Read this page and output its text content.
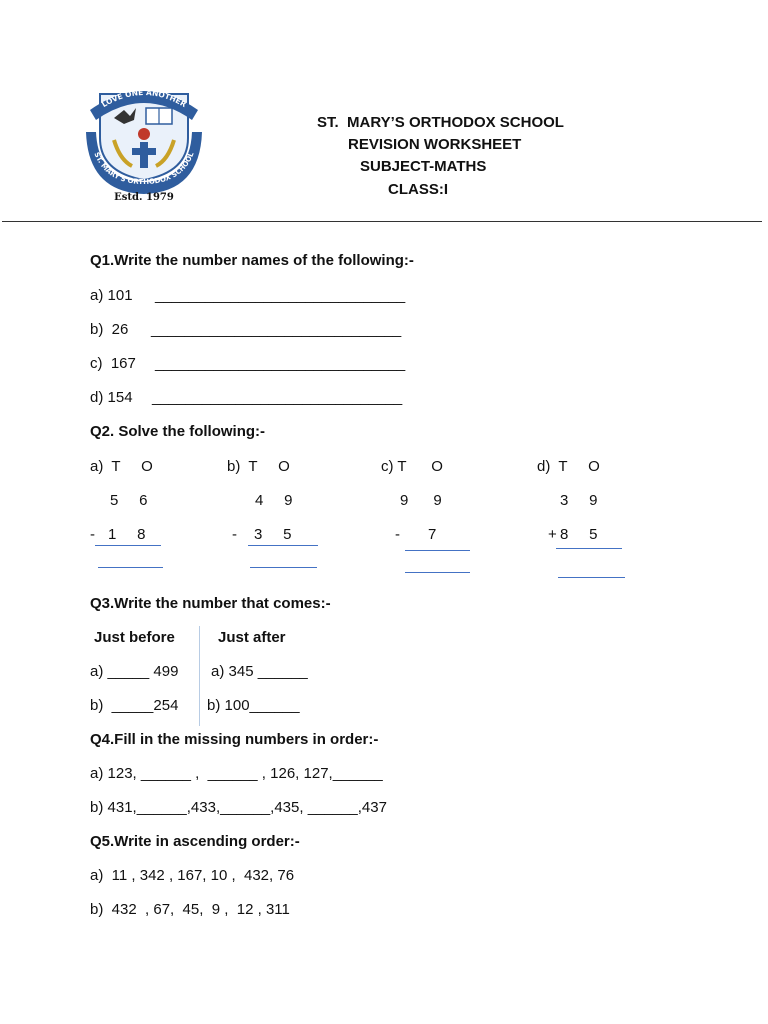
LOVE ONE ANOTHER
ST. MARY'S ORTHODOX SCHOOL
Estd. 1979
ST.  MARY’S ORTHODOX SCHOOL
REVISION WORKSHEET
SUBJECT-MATHS
CLASS:I
Q1.Write the number names of the following:-
a) 101 ______________________________
b)  26 ______________________________
c)  167 ______________________________
d) 154 ______________________________
Q2. Solve the following:-
a)  T     O
5     6
- 1     8
b)  T     O
4     9
- 3     5
c) T      O
9      9
- 7
d)  T     O
3     9
+ 8     5
Q3.Write the number that comes:-
Just before	Just after
a) _____ 499 a) 345 ______
b)  _____254 b) 100______
Q4.Fill in the missing numbers in order:-
a) 123, ______ ,  ______ , 126, 127,______
b) 431,______,433,______,435, ______,437
Q5.Write in ascending order:-
a)  11 , 342 , 167, 10 ,  432, 76
b)  432  , 67,  45,  9 ,  12 , 311
